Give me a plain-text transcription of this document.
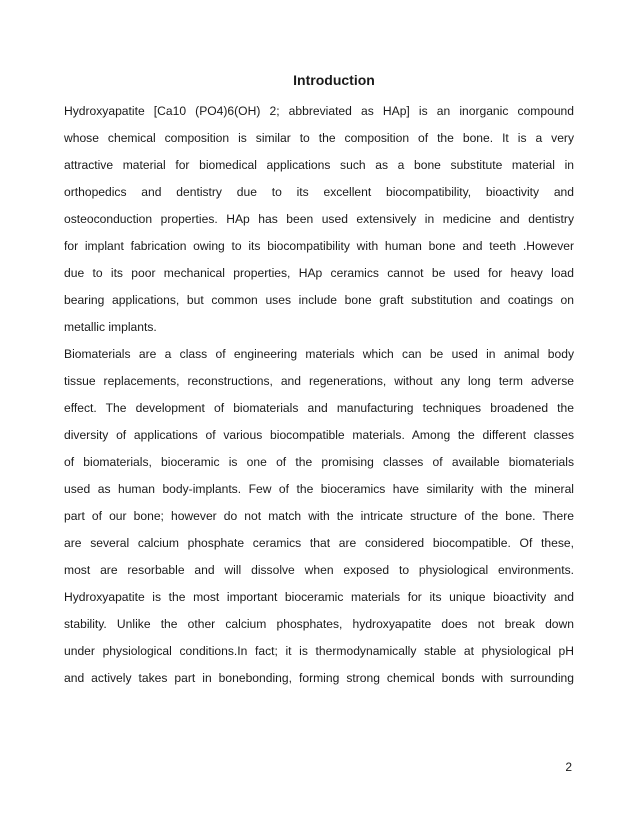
Introduction
Hydroxyapatite [Ca10 (PO4)6(OH) 2; abbreviated as HAp] is an inorganic compound
whose chemical composition is similar to the composition of the bone. It is a very
attractive material for biomedical applications such as a bone substitute material in
orthopedics and dentistry due to its excellent biocompatibility, bioactivity and
osteoconduction properties. HAp has been used extensively in medicine and dentistry
for implant fabrication owing to its biocompatibility with human bone and teeth .However
due to its poor mechanical properties, HAp ceramics cannot be used for heavy load
bearing applications, but common uses include bone graft substitution and coatings on
metallic implants.
Biomaterials are a class of engineering materials which can be used in animal body
tissue replacements, reconstructions, and regenerations, without any long term adverse
effect. The development of biomaterials and manufacturing techniques broadened the
diversity of applications of various biocompatible materials. Among the different classes
of biomaterials, bioceramic is one of the promising classes of available biomaterials
used as human body-implants. Few of the bioceramics have similarity with the mineral
part of our bone; however do not match with the intricate structure of the bone. There
are several calcium phosphate ceramics that are considered biocompatible. Of these,
most are resorbable and will dissolve when exposed to physiological environments.
Hydroxyapatite is the most important bioceramic materials for its unique bioactivity and
stability. Unlike the other calcium phosphates, hydroxyapatite does not break down
under physiological conditions.In fact; it is thermodynamically stable at physiological pH
and actively takes part in bonebonding, forming strong chemical bonds with surrounding
2
